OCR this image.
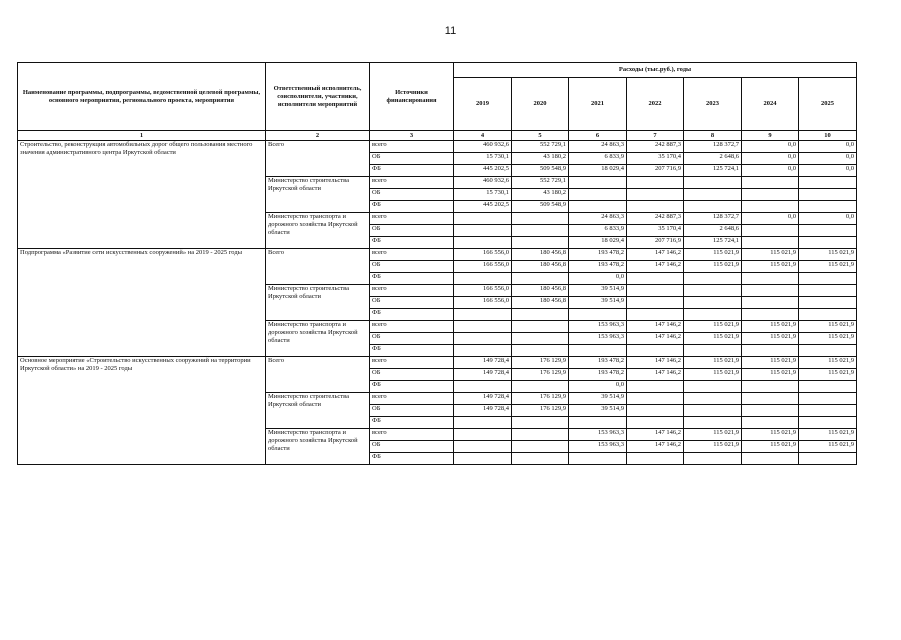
11
Наименование программы, подпрограммы, ведомственной целевой программы, основного мероприятия, регионального проекта, мероприятия	Ответственный исполнитель, соисполнители, участники, исполнители мероприятий	Источники финансирования	Расходы (тыс.руб.), годы						
			2019	2020	2021	2022	2023	2024	2025
1	2	3	4	5	6	7	8	9	10
Строительство, реконструкция автомобильных дорог общего пользования местного значения административного центра Иркутской области	Всего	всего	460 932,6	552 729,1	24 863,3	242 887,3	128 372,7	0,0	0,0
		ОБ	15 730,1	43 180,2	6 833,9	35 170,4	2 648,6	0,0	0,0
		ФБ	445 202,5	509 548,9	18 029,4	207 716,9	125 724,1	0,0	0,0
	Министерство строительства Иркутской области	всего	460 932,6	552 729,1					
		ОБ	15 730,1	43 180,2					
		ФБ	445 202,5	509 548,9					
	Министерство транспорта и дорожного хозяйства Иркутской области	всего			24 863,3	242 887,3	128 372,7	0,0	0,0
		ОБ			6 833,9	35 170,4	2 648,6		
		ФБ			18 029,4	207 716,9	125 724,1		
Подпрограмма «Развитие сети искусственных сооружений» на 2019 - 2025 годы	Всего	всего	166 556,0	180 456,8	193 478,2	147 146,2	115 021,9	115 021,9	115 021,9
		ОБ	166 556,0	180 456,8	193 478,2	147 146,2	115 021,9	115 021,9	115 021,9
		ФБ			0,0				
	Министерство строительства Иркутской области	всего	166 556,0	180 456,8	39 514,9				
		ОБ	166 556,0	180 456,8	39 514,9				
		ФБ							
	Министерство транспорта и дорожного хозяйства Иркутской области	всего			153 963,3	147 146,2	115 021,9	115 021,9	115 021,9
		ОБ			153 963,3	147 146,2	115 021,9	115 021,9	115 021,9
		ФБ							
Основное мероприятие «Строительство искусственных сооружений на территории Иркутской области» на 2019 - 2025 годы	Всего	всего	149 728,4	176 129,9	193 478,2	147 146,2	115 021,9	115 021,9	115 021,9
		ОБ	149 728,4	176 129,9	193 478,2	147 146,2	115 021,9	115 021,9	115 021,9
		ФБ			0,0				
	Министерство строительства Иркутской области	всего	149 728,4	176 129,9	39 514,9				
		ОБ	149 728,4	176 129,9	39 514,9				
		ФБ							
	Министерство транспорта и дорожного хозяйства Иркутской области	всего			153 963,3	147 146,2	115 021,9	115 021,9	115 021,9
		ОБ			153 963,3	147 146,2	115 021,9	115 021,9	115 021,9
		ФБ							
